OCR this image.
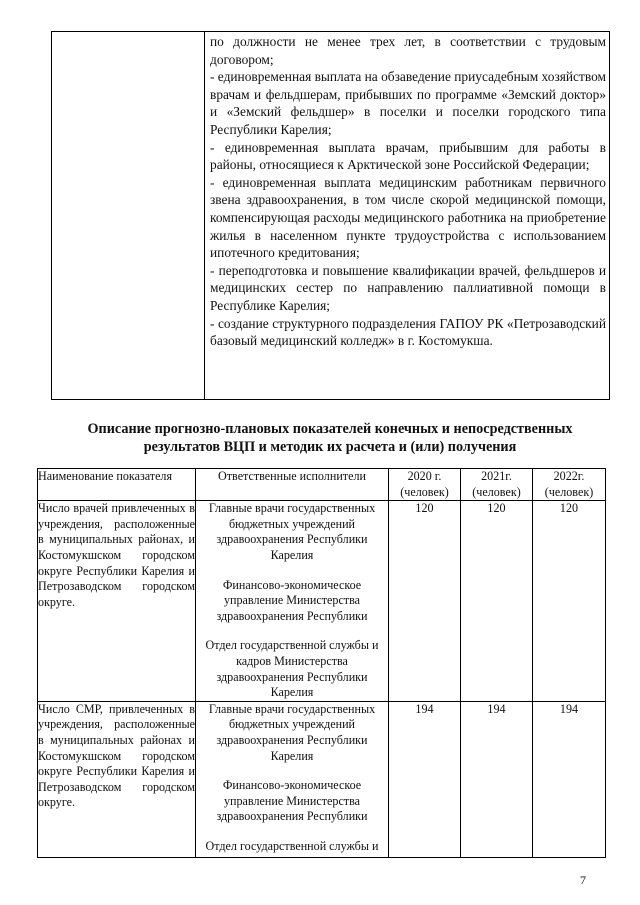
по должности не менее трех лет, в соответствии с трудовым договором;

- единовременная выплата на обзаведение приусадебным хозяйством врачам и фельдшерам, прибывших по программе «Земский доктор» и «Земский фельдшер» в поселки и поселки городского типа Республики Карелия;

- единовременная выплата врачам, прибывшим для работы в районы, относящиеся к Арктической зоне Российской Федерации;

- единовременная выплата медицинским работникам первичного звена здравоохранения, в том числе скорой медицинской помощи, компенсирующая расходы медицинского работника на приобретение жилья в населенном пункте трудоустройства с использованием ипотечного кредитования;

- переподготовка и повышение квалификации врачей, фельдшеров и медицинских сестер по направлению паллиативной помощи в Республике Карелия;

- создание структурного подразделения ГАПОУ РК «Петрозаводский базовый медицинский колледж» в г. Костомукша.

Описание прогнозно-плановых показателей конечных и непосредственных
результатов ВЦП и методик их расчета и (или) получения
Наименование показателя	Ответственные исполнители	2020 г. (человек)	2021г. (человек)	2022г. (человек)
Число врачей привлеченных в учреждения, расположенные в муниципальных районах, и Костомукшском городском округе Республики Карелия и Петрозаводском городском округе.	Главные врачи государственных бюджетных учреждений здравоохранения Республики Карелия
Финансово-экономическое управление Министерства здравоохранения Республики
Отдел государственной службы и кадров Министерства здравоохранения Республики Карелия	120	120	120
Число СМР, привлеченных в учреждения, расположенные в муниципальных районах и Костомукшском городском округе Республики Карелия и Петрозаводском городском округе.	Главные врачи государственных бюджетных учреждений здравоохранения Республики Карелия
Финансово-экономическое управление Министерства здравоохранения Республики
Отдел государственной службы и	194	194	194
7
